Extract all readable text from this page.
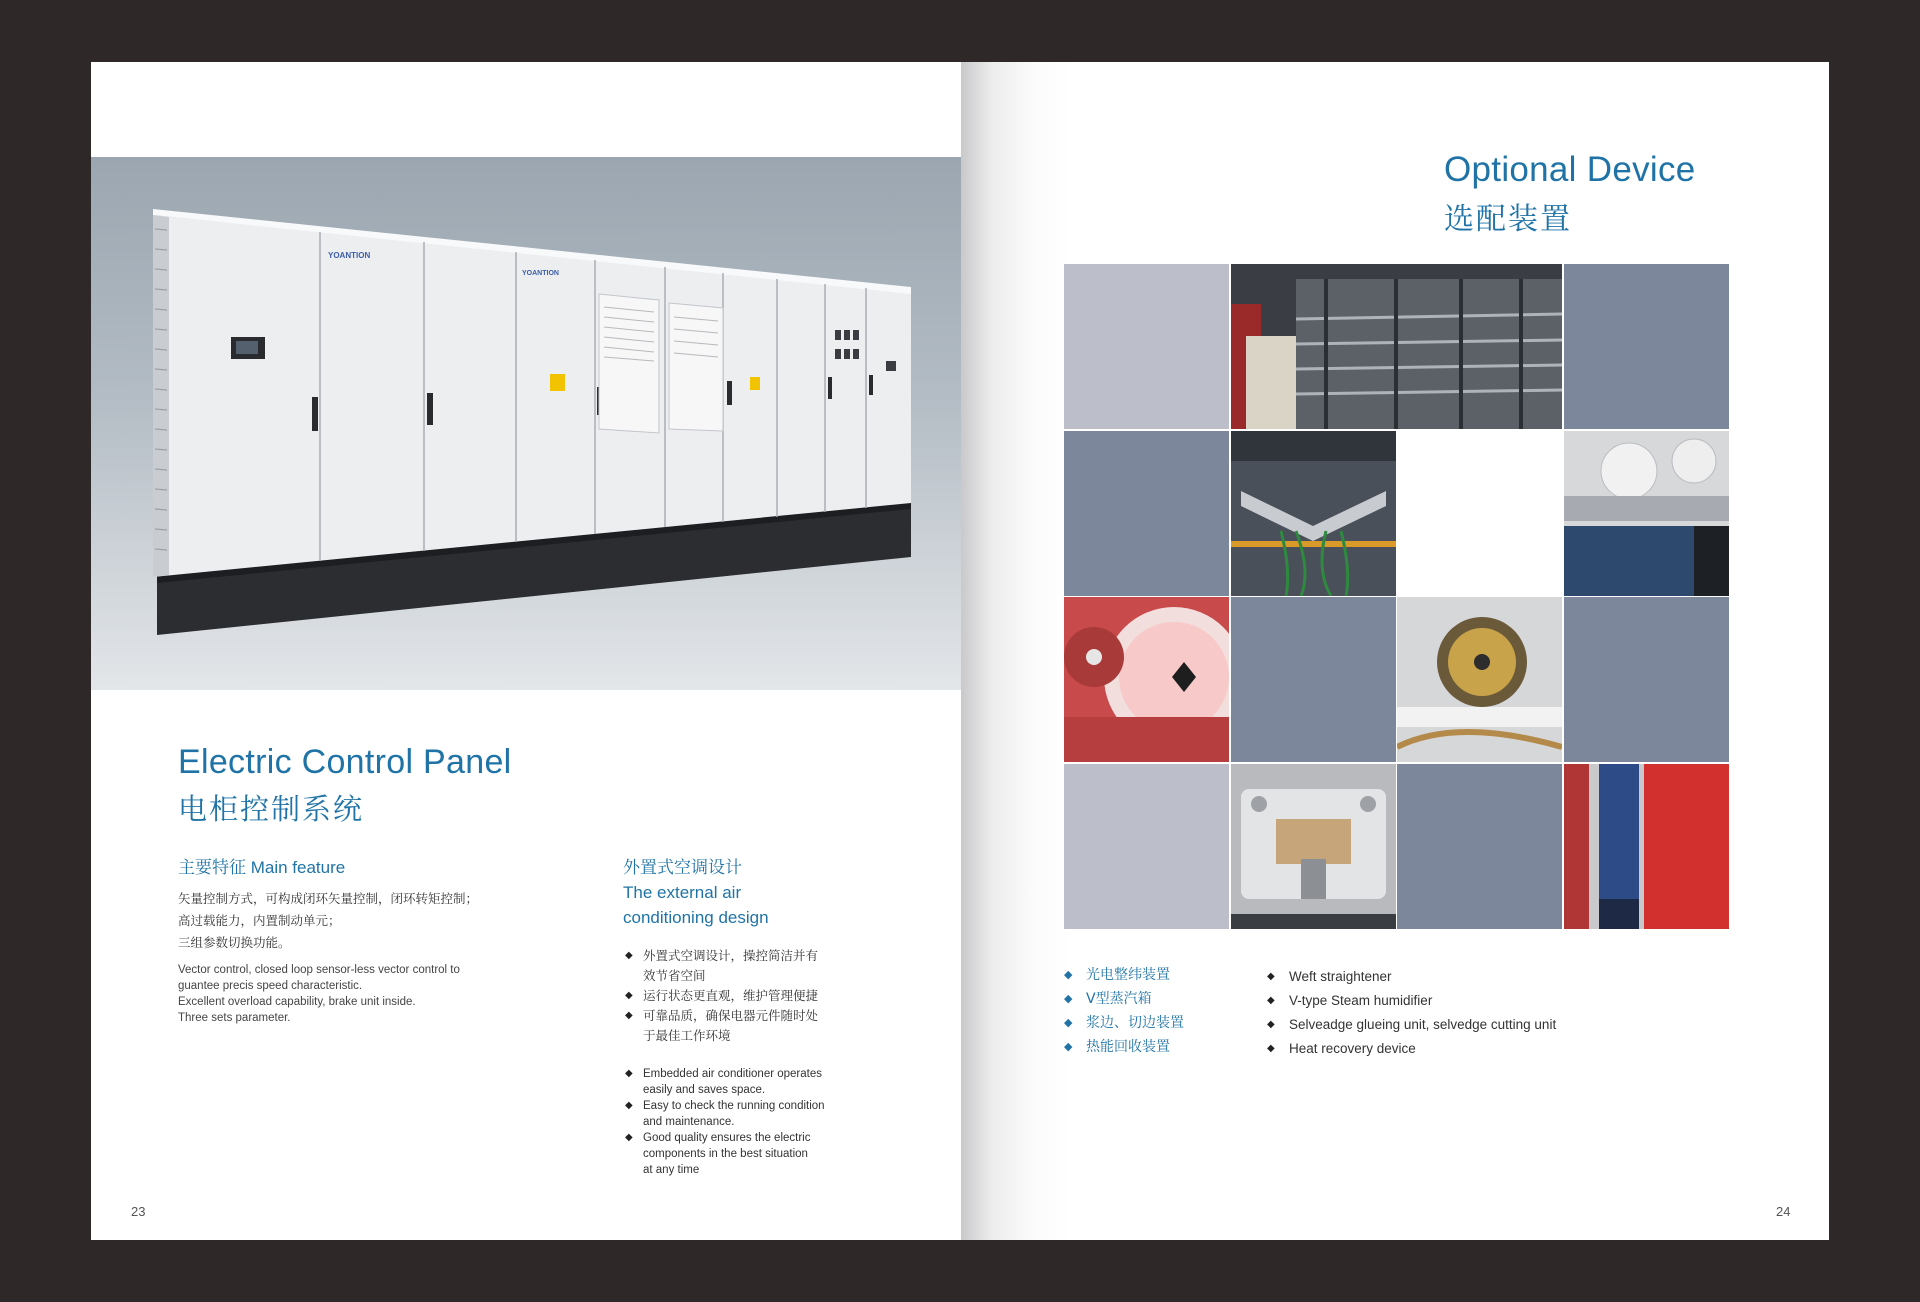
YOANTION
YOANTION
Electric Control Panel
电柜控制系统
主要特征 Main feature
矢量控制方式，可构成闭环矢量控制，闭环转矩控制；
高过载能力，内置制动单元；
三组参数切换功能。
Vector control, closed loop sensor-less vector control to
guantee precis speed characteristic.
Excellent overload capability, brake unit inside.
Three sets parameter.
外置式空调设计
The external air
conditioning design
◆ 外置式空调设计，操控简洁并有
效节省空间
◆ 运行状态更直观，维护管理便捷
◆ 可靠品质，确保电器元件随时处
于最佳工作环境
◆ Embedded air conditioner operates
easily and saves space.
◆ Easy to check the running condition
and maintenance.
◆ Good quality ensures the electric
components in the best situation
at any time
23
Optional Device
选配装置
◆ 光电整纬装置
◆ V型蒸汽箱
◆ 浆边、切边装置
◆ 热能回收装置
◆ Weft straightener
◆ V-type Steam humidifier
◆ Selveadge glueing unit, selvedge cutting unit
◆ Heat recovery device
24
